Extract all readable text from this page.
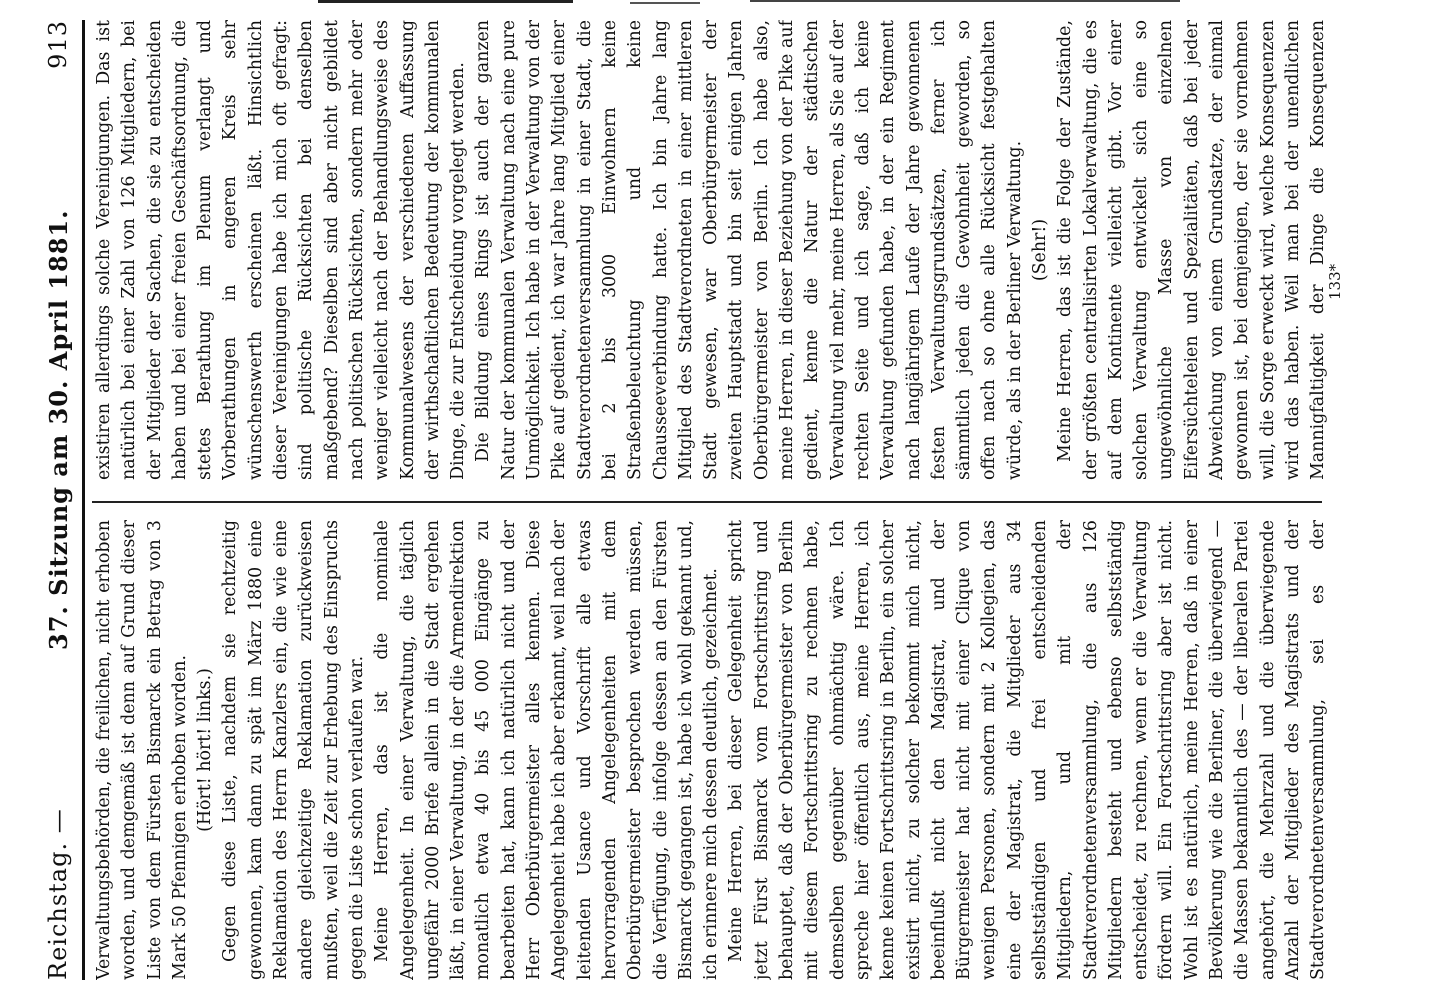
Reichstag. —
37. Sitzung am 30. April 1881.
913

Verwaltungsbehörden, die freilichen, nicht erhoben worden, und demgemäß ist denn auf Grund dieser Liste von dem Fürsten Bismarck ein Betrag von 3 Mark 50 Pfennigen erhoben worden. (Hört! hört! links.) Gegen diese Liste, nachdem sie rechtzeitig gewonnen, kam dann zu spät im März 1880 eine Reklamation des Herrn Kanzlers ein, die wie eine andere gleichzeitige Reklamation zurückweisen mußten, weil die Zeit zur Erhebung des Einspruchs gegen die Liste schon verlaufen war. Meine Herren, das ist die nominale Angelegenheit. In einer Verwaltung, die täglich ungefähr 2000 Briefe allein in die Stadt ergehen läßt, in einer Verwaltung, in der die Armendirektion monatlich etwa 40 bis 45 000 Eingänge zu bearbeiten hat, kann ich natürlich nicht und der Herr Oberbürgermeister alles kennen. Diese Angelegenheit habe ich aber erkannt, weil nach der leitenden Usance und Vorschrift alle etwas hervorragenden Angelegenheiten mit dem Oberbürgermeister besprochen werden müssen, die Verfügung, die infolge dessen an den Fürsten Bismarck gegangen ist, habe ich wohl gekannt und, ich erinnere mich dessen deutlich, gezeichnet. Meine Herren, bei dieser Gelegenheit spricht jetzt Fürst Bismarck vom Fortschrittsring und behauptet, daß der Oberbürgermeister von Berlin mit diesem Fortschrittsring zu rechnen habe, demselben gegenüber ohnmächtig wäre. Ich spreche hier öffentlich aus, meine Herren, ich kenne keinen Fortschrittsring in Berlin, ein solcher existirt nicht, zu solcher bekommt mich nicht, beeinflußt nicht den Magistrat, und der Bürgermeister hat nicht mit einer Clique von wenigen Personen, sondern mit 2 Kollegien, das eine der Magistrat, die Mitglieder aus 34 selbstständigen und frei entscheidenden Mitgliedern, und mit der Stadtverordnetenversammlung, die aus 126 Mitgliedern besteht und ebenso selbstständig entscheidet, zu rechnen, wenn er die Verwaltung fördern will. Ein Fortschrittsring aber ist nicht. Wohl ist es natürlich, meine Herren, daß in einer Bevölkerung wie die Berliner, die überwiegend — die Massen bekanntlich des — der liberalen Partei angehört, die Mehrzahl und die überwiegende Anzahl der Mitglieder des Magistrats und der Stadtverordnetenversammlung, sei es der

existiren allerdings solche Vereinigungen. Das ist natürlich bei einer Zahl von 126 Mitgliedern, bei der Mitglieder der Sachen, die sie zu entscheiden haben und bei einer freien Geschäftsordnung, die stetes Berathung im Plenum verlangt und Vorberathungen in engeren Kreis sehr wünschenswerth erscheinen läßt. Hinsichtlich dieser Vereinigungen habe ich mich oft gefragt: sind politische Rücksichten bei denselben maßgebend? Dieselben sind aber nicht gebildet nach politischen Rücksichten, sondern mehr oder weniger vielleicht nach der Behandlungsweise des Kommunalwesens der verschiedenen Auffassung der wirthschaftlichen Bedeutung der kommunalen Dinge, die zur Entscheidung vorgelegt werden. Die Bildung eines Rings ist auch der ganzen Natur der kommunalen Verwaltung nach eine pure Unmöglichkeit. Ich habe in der Verwaltung von der Pike auf gedient, ich war Jahre lang Mitglied einer Stadtverordnetenversammlung in einer Stadt, die bei 2 bis 3000 Einwohnern keine Straßenbeleuchtung und keine Chausseeverbindung hatte. Ich bin Jahre lang Mitglied des Stadtverordneten in einer mittleren Stadt gewesen, war Oberbürgermeister der zweiten Hauptstadt und bin seit einigen Jahren Oberbürgermeister von Berlin. Ich habe also, meine Herren, in dieser Beziehung von der Pike auf gedient, kenne die Natur der städtischen Verwaltung viel mehr, meine Herren, als Sie auf der rechten Seite und ich sage, daß ich keine Verwaltung gefunden habe, in der ein Regiment nach langjährigem Laufe der Jahre gewonnenen festen Verwaltungsgrundsätzen, ferner ich sämmtlich jeden die Gewohnheit geworden, so offen nach so ohne alle Rücksicht festgehalten würde, als in der Berliner Verwaltung. (Sehr!)

Meine Herren, das ist die Folge der Zustände, der größten centralisirten Lokalverwaltung, die es auf dem Kontinente vielleicht gibt. Vor einer solchen Verwaltung entwickelt sich eine so ungewöhnliche Masse von einzelnen Eifersüchteleien und Spezialitäten, daß bei jeder Abweichung von einem Grundsatze, der einmal gewonnen ist, bei demjenigen, der sie vornehmen will, die Sorge erweckt wird, welche Konsequenzen wird das haben. Weil man bei der unendlichen Mannigfaltigkeit der Dinge die Konsequenzen

133*
